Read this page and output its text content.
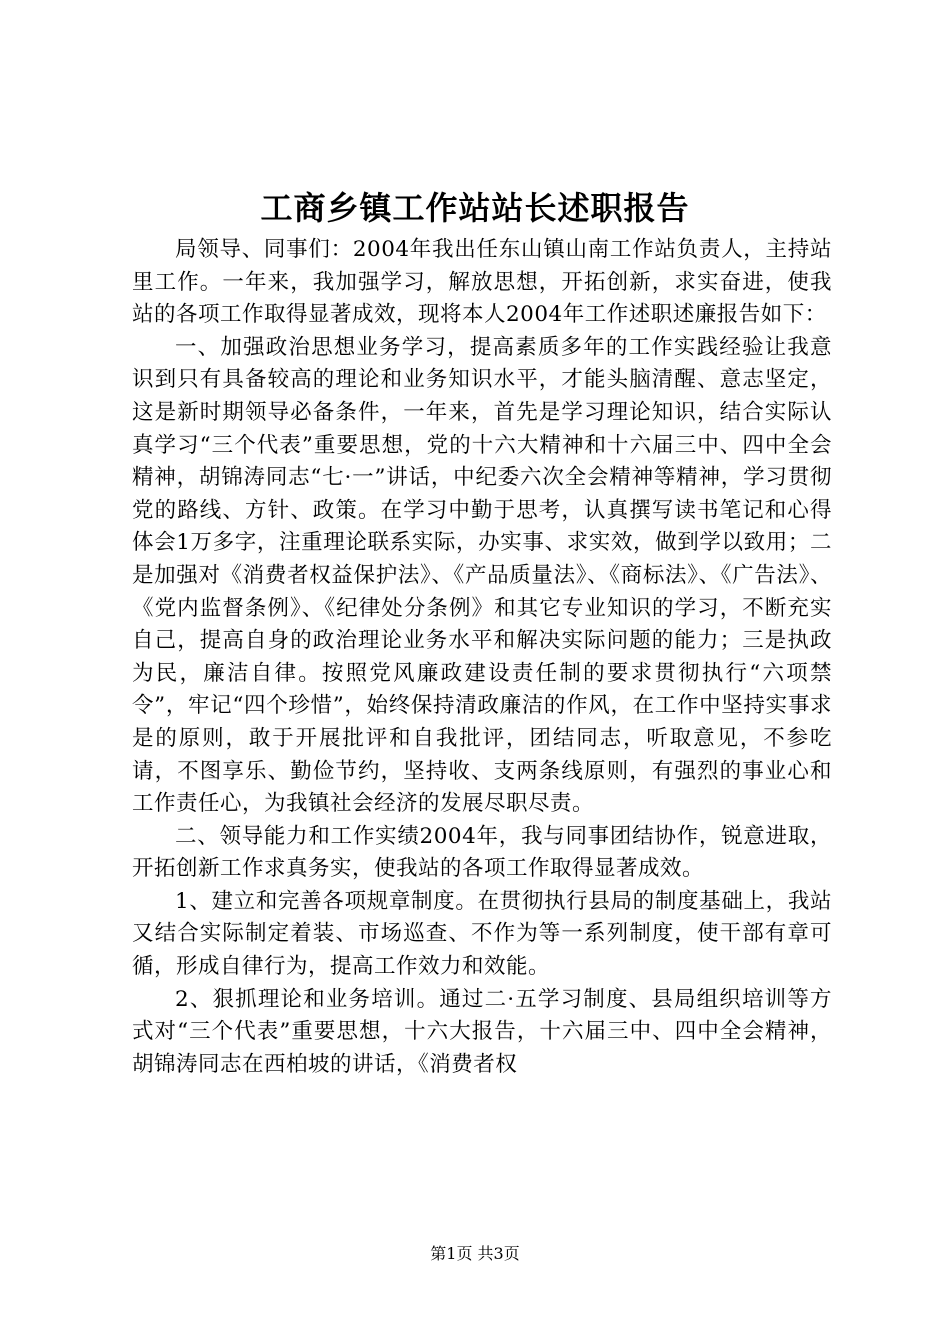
工商乡镇工作站站长述职报告

局领导、同事们：2004年我出任东山镇山南工作站负责人，主持站里工作。一年来，我加强学习，解放思想，开拓创新，求实奋进，使我站的各项工作取得显著成效，现将本人2004年工作述职述廉报告如下：

一、加强政治思想业务学习，提高素质多年的工作实践经验让我意识到只有具备较高的理论和业务知识水平，才能头脑清醒、意志坚定，这是新时期领导必备条件，一年来，首先是学习理论知识，结合实际认真学习“三个代表”重要思想，党的十六大精神和十六届三中、四中全会精神，胡锦涛同志“七·一”讲话，中纪委六次全会精神等精神，学习贯彻党的路线、方针、政策。在学习中勤于思考，认真撰写读书笔记和心得体会1万多字，注重理论联系实际，办实事、求实效，做到学以致用；二是加强对《消费者权益保护法》、《产品质量法》、《商标法》、《广告法》、《党内监督条例》、《纪律处分条例》和其它专业知识的学习，不断充实自己，提高自身的政治理论业务水平和解决实际问题的能力；三是执政为民，廉洁自律。按照党风廉政建设责任制的要求贯彻执行“六项禁令”，牢记“四个珍惜”，始终保持清政廉洁的作风，在工作中坚持实事求是的原则，敢于开展批评和自我批评，团结同志，听取意见，不参吃请，不图享乐、勤俭节约，坚持收、支两条线原则，有强烈的事业心和工作责任心，为我镇社会经济的发展尽职尽责。

二、领导能力和工作实绩2004年，我与同事团结协作，锐意进取，开拓创新工作求真务实，使我站的各项工作取得显著成效。

1、建立和完善各项规章制度。在贯彻执行县局的制度基础上，我站又结合实际制定着装、市场巡查、不作为等一系列制度，使干部有章可循，形成自律行为，提高工作效力和效能。

2、狠抓理论和业务培训。通过二·五学习制度、县局组织培训等方式对“三个代表”重要思想，十六大报告，十六届三中、四中全会精神，胡锦涛同志在西柏坡的讲话，《消费者权

第1页 共3页
